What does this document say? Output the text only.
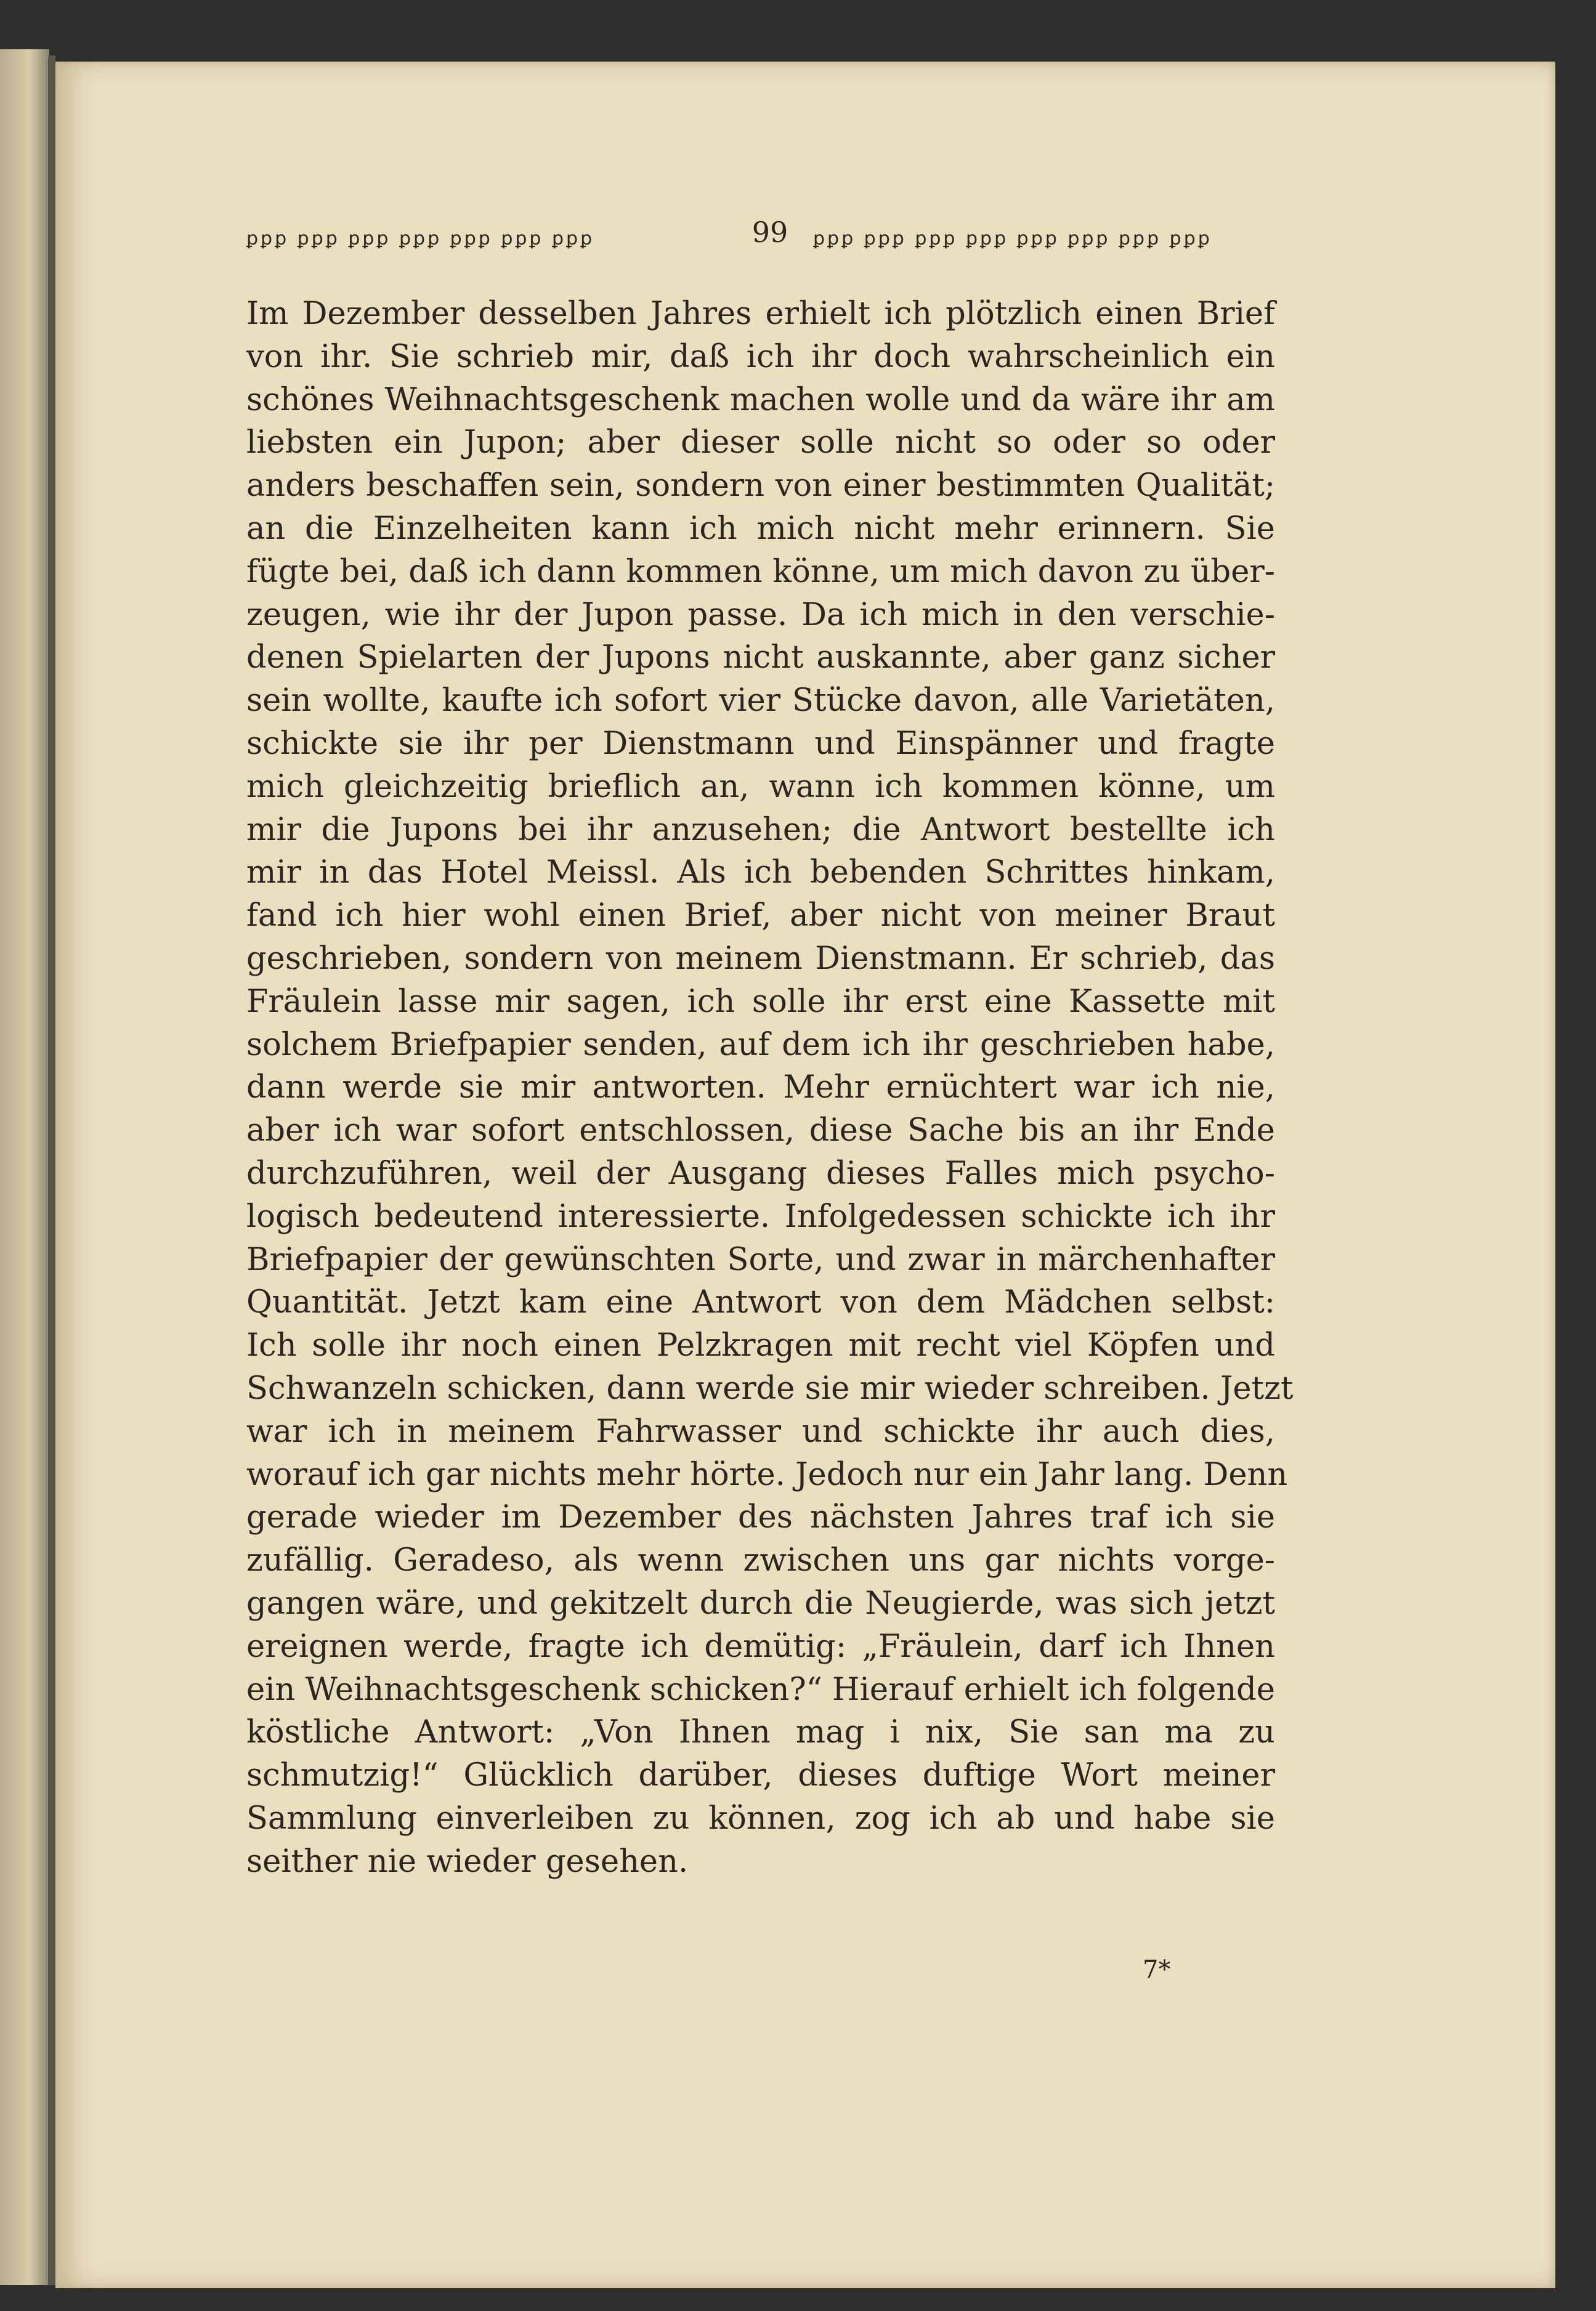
ꝑꝑꝑ ꝑꝑꝑ ꝑꝑꝑ ꝑꝑꝑ ꝑꝑꝑ ꝑꝑꝑ ꝑꝑꝑ	99	ꝑꝑꝑ ꝑꝑꝑ ꝑꝑꝑ ꝑꝑꝑ ꝑꝑꝑ ꝑꝑꝑ ꝑꝑꝑ ꝑꝑꝑ
Im Dezember desselben Jahres erhielt ich plötzlich einen Brief
von ihr. Sie schrieb mir, daß ich ihr doch wahrscheinlich ein
schönes Weihnachtsgeschenk machen wolle und da wäre ihr am
liebsten ein Jupon; aber dieser solle nicht so oder so oder
anders beschaffen sein, sondern von einer bestimmten Qualität;
an die Einzelheiten kann ich mich nicht mehr erinnern. Sie
fügte bei, daß ich dann kommen könne, um mich davon zu über-
zeugen, wie ihr der Jupon passe. Da ich mich in den verschie-
denen Spielarten der Jupons nicht auskannte, aber ganz sicher
sein wollte, kaufte ich sofort vier Stücke davon, alle Varietäten,
schickte sie ihr per Dienstmann und Einspänner und fragte
mich gleichzeitig brieflich an, wann ich kommen könne, um
mir die Jupons bei ihr anzusehen; die Antwort bestellte ich
mir in das Hotel Meissl. Als ich bebenden Schrittes hinkam,
fand ich hier wohl einen Brief, aber nicht von meiner Braut
geschrieben, sondern von meinem Dienstmann. Er schrieb, das
Fräulein lasse mir sagen, ich solle ihr erst eine Kassette mit
solchem Briefpapier senden, auf dem ich ihr geschrieben habe,
dann werde sie mir antworten. Mehr ernüchtert war ich nie,
aber ich war sofort entschlossen, diese Sache bis an ihr Ende
durchzuführen, weil der Ausgang dieses Falles mich psycho-
logisch bedeutend interessierte. Infolgedessen schickte ich ihr
Briefpapier der gewünschten Sorte, und zwar in märchenhafter
Quantität. Jetzt kam eine Antwort von dem Mädchen selbst:
Ich solle ihr noch einen Pelzkragen mit recht viel Köpfen und
Schwanzeln schicken, dann werde sie mir wieder schreiben. Jetzt
war ich in meinem Fahrwasser und schickte ihr auch dies,
worauf ich gar nichts mehr hörte. Jedoch nur ein Jahr lang. Denn
gerade wieder im Dezember des nächsten Jahres traf ich sie
zufällig. Geradeso, als wenn zwischen uns gar nichts vorge-
gangen wäre, und gekitzelt durch die Neugierde, was sich jetzt
ereignen werde, fragte ich demütig: „Fräulein, darf ich Ihnen
ein Weihnachtsgeschenk schicken?“ Hierauf erhielt ich folgende
köstliche Antwort: „Von Ihnen mag i nix, Sie san ma zu
schmutzig!“ Glücklich darüber, dieses duftige Wort meiner
Sammlung einverleiben zu können, zog ich ab und habe sie
seither nie wieder gesehen.
7*
